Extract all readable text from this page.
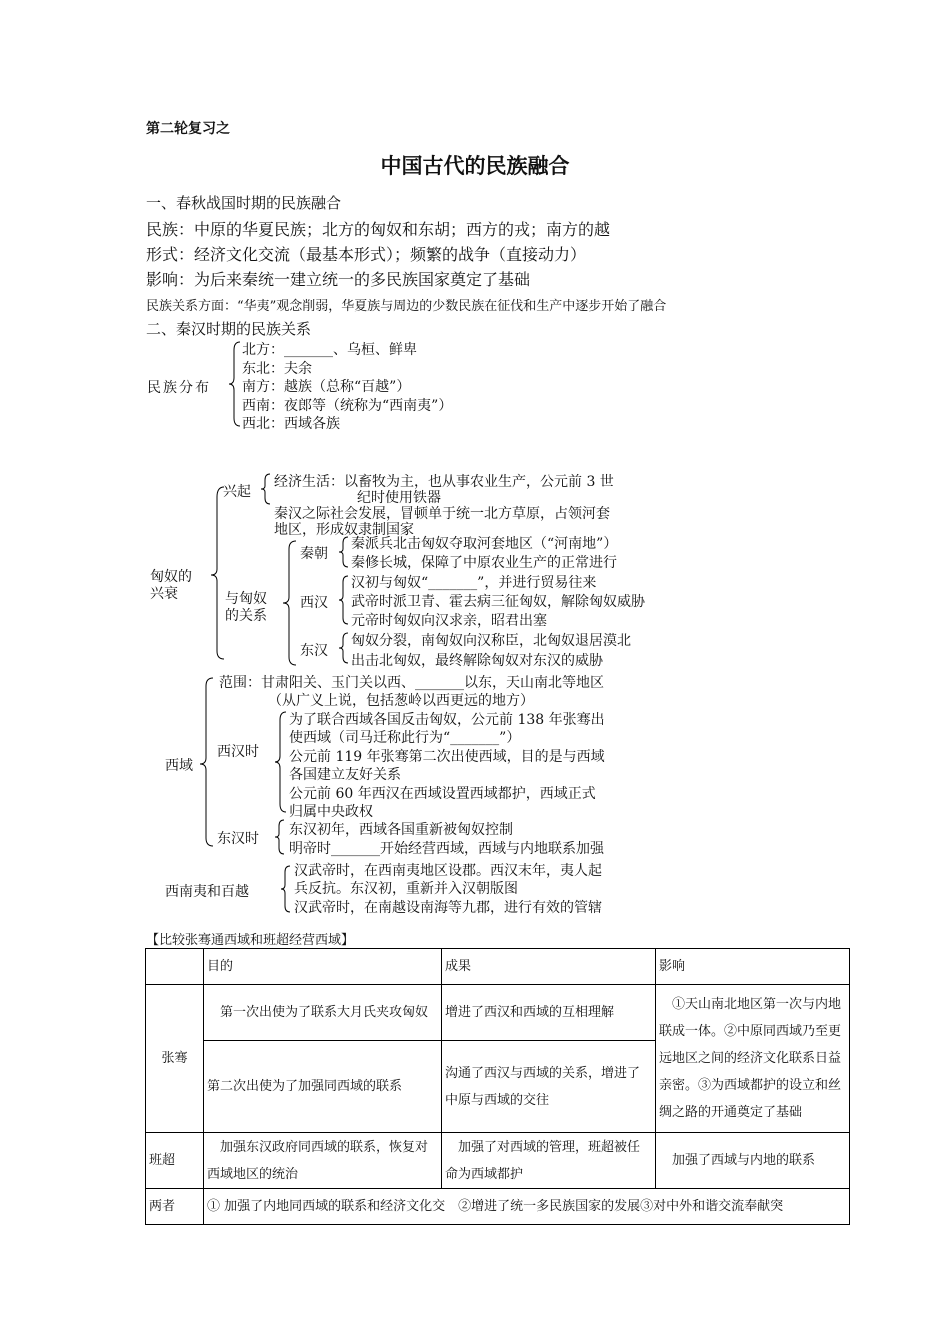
第二轮复习之
中国古代的民族融合
一、春秋战国时期的民族融合
民族：中原的华夏民族；北方的匈奴和东胡；西方的戎；南方的越
形式：经济文化交流（最基本形式）；频繁的战争（直接动力）
影响：为后来秦统一建立统一的多民族国家奠定了基础
民族关系方面：“华夷”观念削弱，华夏族与周边的少数民族在征伐和生产中逐步开始了融合
二、秦汉时期的民族关系
民族分布
北方：_______、乌桓、鲜卑
东北：夫余
南方：越族（总称“百越”）
西南：夜郎等（统称为“西南夷”）
西北：西域各族
匈奴的
兴衰
兴起
经济生活：以畜牧为主，也从事农业生产，公元前 3 世
纪时使用铁器
秦汉之际社会发展，冒顿单于统一北方草原，占领河套
地区，形成奴隶制国家
与匈奴
的关系
秦朝
秦派兵北击匈奴夺取河套地区（“河南地”）
秦修长城，保障了中原农业生产的正常进行
西汉
汉初与匈奴“_______”，并进行贸易往来
武帝时派卫青、霍去病三征匈奴，解除匈奴威胁
元帝时匈奴向汉求亲，昭君出塞
东汉
匈奴分裂，南匈奴向汉称臣，北匈奴退居漠北
出击北匈奴，最终解除匈奴对东汉的威胁
西域
范围：甘肃阳关、玉门关以西、_______以东，天山南北等地区
（从广义上说，包括葱岭以西更远的地方）
西汉时
为了联合西域各国反击匈奴，公元前 138 年张骞出
使西域（司马迁称此行为“_______”）
公元前 119 年张骞第二次出使西域，目的是与西域
各国建立友好关系
公元前 60 年西汉在西域设置西域都护，西域正式
归属中央政权
东汉时
东汉初年，西域各国重新被匈奴控制
明帝时_______开始经营西域，西域与内地联系加强
西南夷和百越
汉武帝时，在西南夷地区设郡。西汉末年，夷人起
兵反抗。东汉初，重新并入汉朝版图
汉武帝时，在南越设南海等九郡，进行有效的管辖
【比较张骞通西域和班超经营西域】
	目的	成果	影响
张骞	第一次出使为了联系大月氏夹攻匈奴	增进了西汉和西域的互相理解	①天山南北地区第一次与内地联成一体。②中原同西域乃至更远地区之间的经济文化联系日益亲密。③为西域都护的设立和丝绸之路的开通奠定了基础
	第二次出使为了加强同西域的联系	沟通了西汉与西域的关系，增进了中原与西域的交往	
班超	加强东汉政府同西域的联系，恢复对西域地区的统治	加强了对西域的管理，班超被任命为西域都护	加强了西域与内地的联系
两者	① 加强了内地同西域的联系和经济文化交　②增进了统一多民族国家的发展③对中外和谐交流奉献突		
